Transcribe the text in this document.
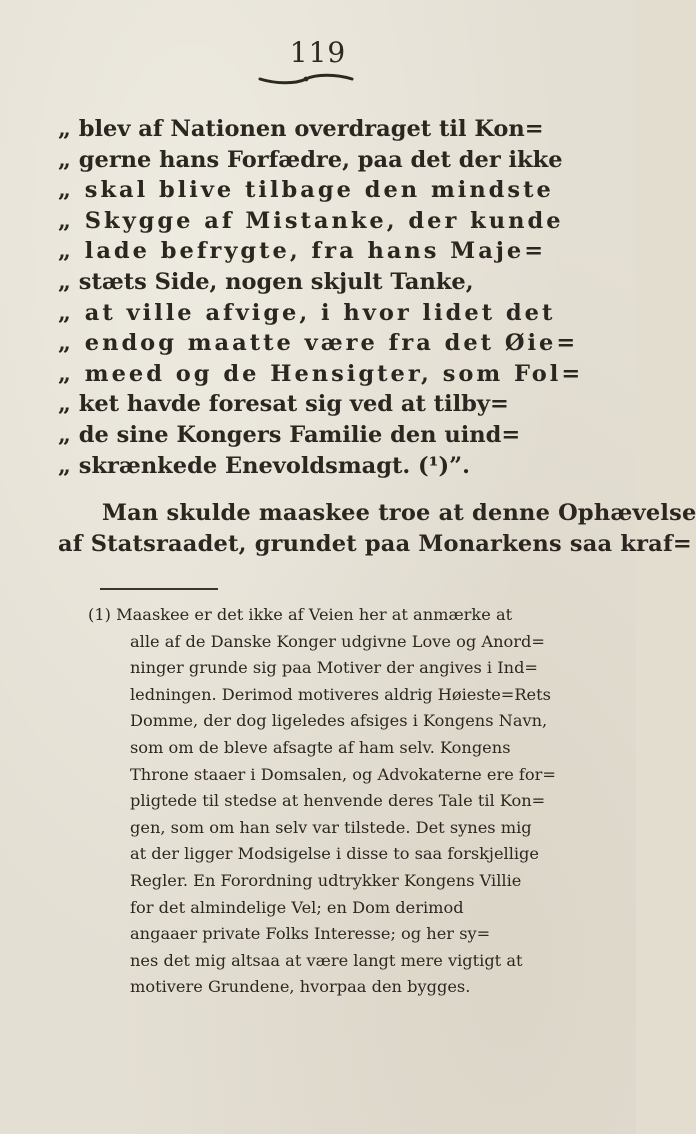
119
„ blev af Nationen overdraget til Kon=
„ gerne hans Forfædre, paa det der ikke
„ skal blive tilbage den mindste
„ Skygge af Mistanke, der kunde
„ lade befrygte, fra hans Maje=
„ stæts Side, nogen skjult Tanke,
„ at ville afvige, i hvor lidet det
„ endog maatte være fra det Øie=
„ meed og de Hensigter, som Fol=
„ ket havde foresat sig ved at tilby=
„ de sine Kongers Familie den uind=
„ skrænkede Enevoldsmagt. (¹)”.
Man skulde maaskee troe at denne Ophævelse
af Statsraadet, grundet paa Monarkens saa kraf=
(1) Maaskee er det ikke af Veien her at anmærke at
alle af de Danske Konger udgivne Love og Anord=
ninger grunde sig paa Motiver der angives i Ind=
ledningen. Derimod motiveres aldrig Høieste=Rets
Domme, der dog ligeledes afsiges i Kongens Navn,
som om de bleve afsagte af ham selv. Kongens
Throne staaer i Domsalen, og Advokaterne ere for=
pligtede til stedse at henvende deres Tale til Kon=
gen, som om han selv var tilstede. Det synes mig
at der ligger Modsigelse i disse to saa forskjellige
Regler. En Forordning udtrykker Kongens Villie
for det almindelige Vel; en Dom derimod
angaaer private Folks Interesse; og her sy=
nes det mig altsaa at være langt mere vigtigt at
motivere Grundene, hvorpaa den bygges.
